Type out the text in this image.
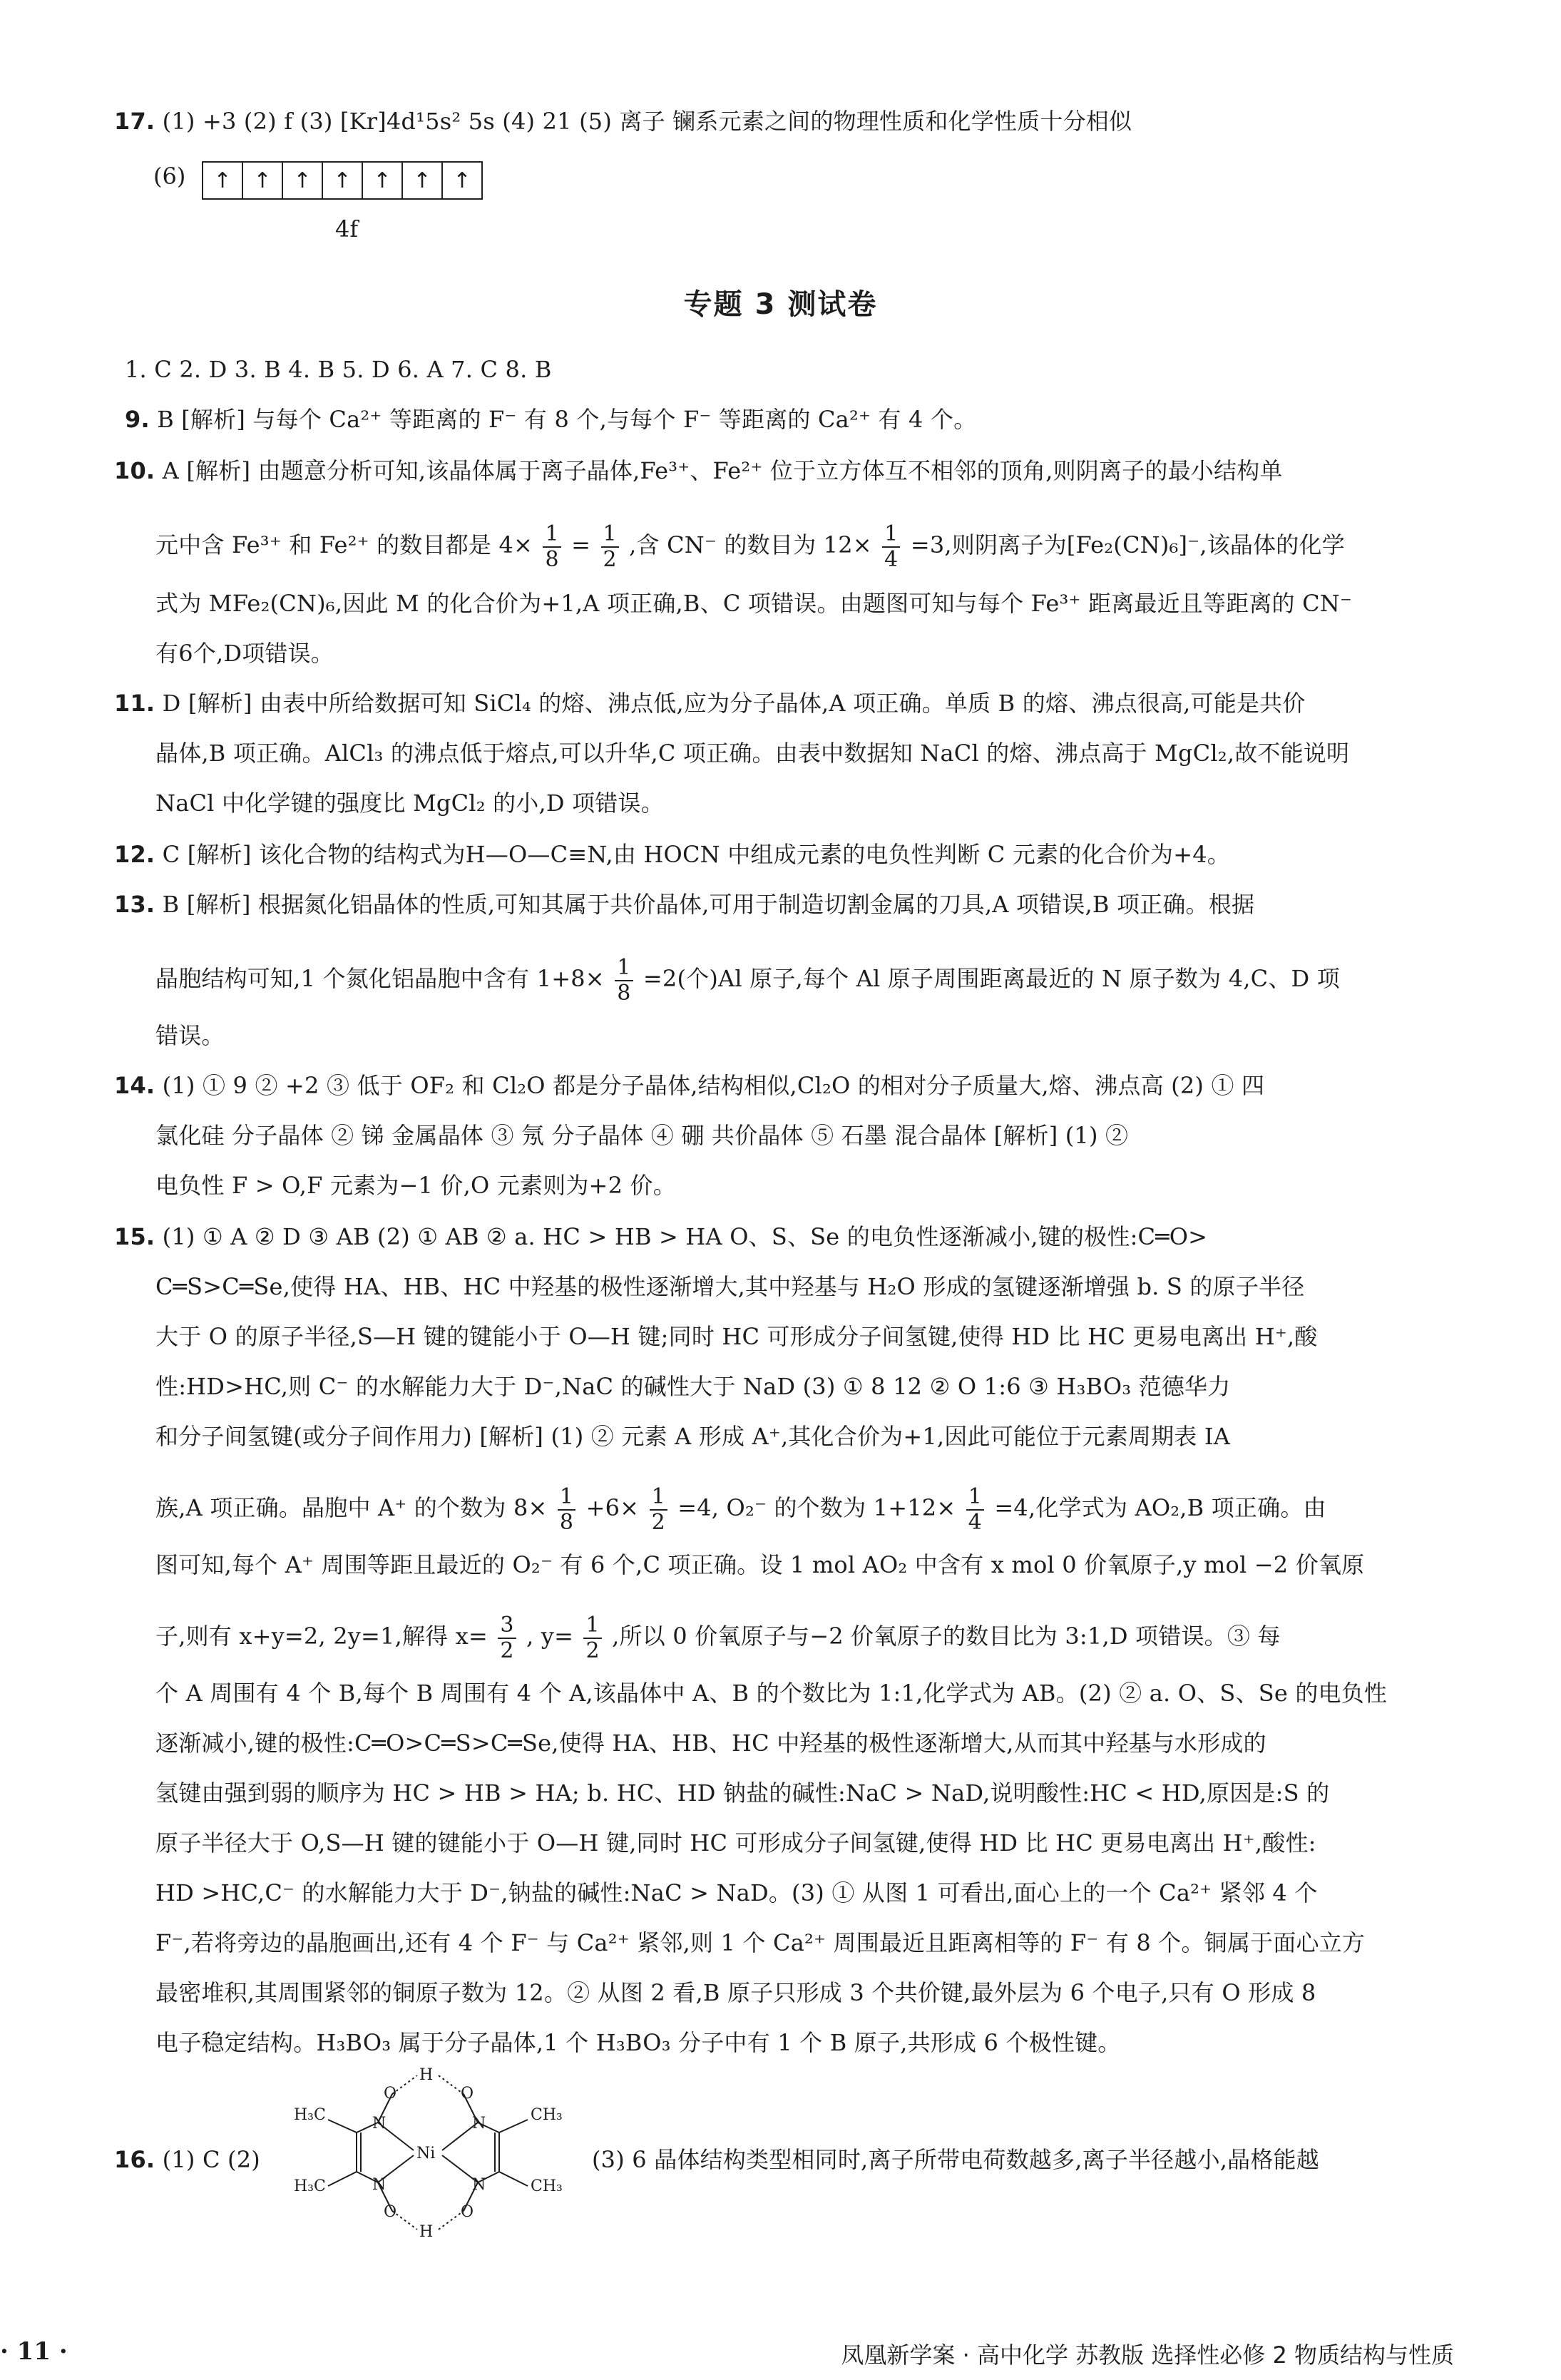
17. (1) +3 (2) f (3) [Kr]4d¹5s² 5s (4) 21 (5) 离子 镧系元素之间的物理性质和化学性质十分相似
(6) ↑ ↑ ↑ ↑ ↑ ↑ ↑
4f
专题 3 测试卷
1. C 2. D 3. B 4. B 5. D 6. A 7. C 8. B
9. B [解析] 与每个 Ca²⁺ 等距离的 F⁻ 有 8 个,与每个 F⁻ 等距离的 Ca²⁺ 有 4 个。
10. A [解析] 由题意分析可知,该晶体属于离子晶体,Fe³⁺、Fe²⁺ 位于立方体互不相邻的顶角,则阴离子的最小结构单
元中含 Fe³⁺ 和 Fe²⁺ 的数目都是 $4\times \frac{1}{8} = \frac{1}{2}$ ,含 CN⁻ 的数目为 $12\times \frac{1}{4} =3$,则阴离子为[Fe₂(CN)₆]⁻,该晶体的化学
式为 MFe₂(CN)₆,因此 M 的化合价为+1,A 项正确,B、C 项错误。由题图可知与每个 Fe³⁺ 距离最近且等距离的 CN⁻
有6个,D项错误。
11. D [解析] 由表中所给数据可知 SiCl₄ 的熔、沸点低,应为分子晶体,A 项正确。单质 B 的熔、沸点很高,可能是共价
晶体,B 项正确。AlCl₃ 的沸点低于熔点,可以升华,C 项正确。由表中数据知 NaCl 的熔、沸点高于 MgCl₂,故不能说明
NaCl 中化学键的强度比 MgCl₂ 的小,D 项错误。
12. C [解析] 该化合物的结构式为H—O—C≡N,由 HOCN 中组成元素的电负性判断 C 元素的化合价为+4。
13. B [解析] 根据氮化铝晶体的性质,可知其属于共价晶体,可用于制造切割金属的刀具,A 项错误,B 项正确。根据
晶胞结构可知,1 个氮化铝晶胞中含有 $1+8\times \frac{1}{8} =2$(个)Al 原子,每个 Al 原子周围距离最近的 N 原子数为 4,C、D 项
错误。
14. (1) ① 9 ② +2 ③ 低于 OF₂ 和 Cl₂O 都是分子晶体,结构相似,Cl₂O 的相对分子质量大,熔、沸点高 (2) ① 四
氯化硅 分子晶体 ② 锑 金属晶体 ③ 氖 分子晶体 ④ 硼 共价晶体 ⑤ 石墨 混合晶体 [解析] (1) ②
电负性 F > O,F 元素为−1 价,O 元素则为+2 价。
15. (1) ① A ② D ③ AB (2) ① AB ② a. HC > HB > HA O、S、Se 的电负性逐渐减小,键的极性:C═O>
C═S>C═Se,使得 HA、HB、HC 中羟基的极性逐渐增大,其中羟基与 H₂O 形成的氢键逐渐增强 b. S 的原子半径
大于 O 的原子半径,S—H 键的键能小于 O—H 键;同时 HC 可形成分子间氢键,使得 HD 比 HC 更易电离出 H⁺,酸
性:HD>HC,则 C⁻ 的水解能力大于 D⁻,NaC 的碱性大于 NaD (3) ① 8 12 ② O 1:6 ③ H₃BO₃ 范德华力
和分子间氢键(或分子间作用力) [解析] (1) ② 元素 A 形成 A⁺,其化合价为+1,因此可能位于元素周期表 ⅠA
族,A 项正确。晶胞中 A⁺ 的个数为 $8\times \frac{1}{8} +6\times \frac{1}{2} =4$, O₂⁻ 的个数为 $1+12\times \frac{1}{4} =4$,化学式为 AO₂,B 项正确。由
图可知,每个 A⁺ 周围等距且最近的 O₂⁻ 有 6 个,C 项正确。设 1 mol AO₂ 中含有 x mol 0 价氧原子,y mol −2 价氧原
子,则有 x+y=2, 2y=1,解得 $x= \frac{3}{2}$ , $y= \frac{1}{2}$ ,所以 0 价氧原子与−2 价氧原子的数目比为 3:1,D 项错误。③ 每
个 A 周围有 4 个 B,每个 B 周围有 4 个 A,该晶体中 A、B 的个数比为 1:1,化学式为 AB。(2) ② a. O、S、Se 的电负性
逐渐减小,键的极性:C═O>C═S>C═Se,使得 HA、HB、HC 中羟基的极性逐渐增大,从而其中羟基与水形成的
氢键由强到弱的顺序为 HC > HB > HA; b. HC、HD 钠盐的碱性:NaC > NaD,说明酸性:HC < HD,原因是:S 的
原子半径大于 O,S—H 键的键能小于 O—H 键,同时 HC 可形成分子间氢键,使得 HD 比 HC 更易电离出 H⁺,酸性:
HD >HC,C⁻ 的水解能力大于 D⁻,钠盐的碱性:NaC > NaD。(3) ① 从图 1 可看出,面心上的一个 Ca²⁺ 紧邻 4 个
F⁻,若将旁边的晶胞画出,还有 4 个 F⁻ 与 Ca²⁺ 紧邻,则 1 个 Ca²⁺ 周围最近且距离相等的 F⁻ 有 8 个。铜属于面心立方
最密堆积,其周围紧邻的铜原子数为 12。② 从图 2 看,B 原子只形成 3 个共价键,最外层为 6 个电子,只有 O 形成 8
电子稳定结构。H₃BO₃ 属于分子晶体,1 个 H₃BO₃ 分子中有 1 个 B 原子,共形成 6 个极性键。
16. (1) C (2)
H
O	O
N	N
Ni
N	N
O	O
H
H₃C
H₃C
CH₃
CH₃
(3) 6 晶体结构类型相同时,离子所带电荷数越多,离子半径越小,晶格能越
· 11 ·	凤凰新学案 · 高中化学 苏教版 选择性必修 2 物质结构与性质
